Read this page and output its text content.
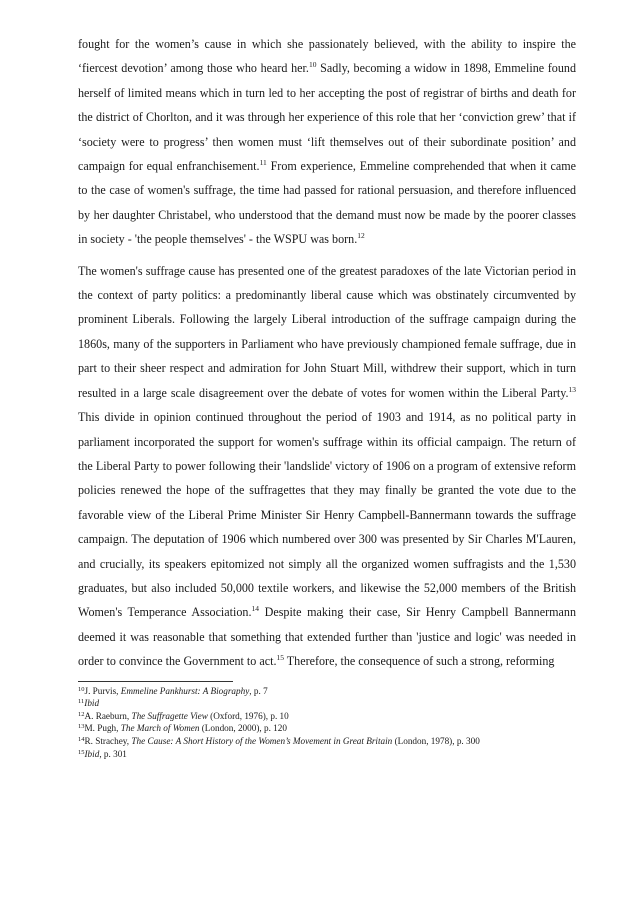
fought for the women’s cause in which she passionately believed, with the ability to inspire the ‘fiercest devotion’ among those who heard her.$^{10}$ Sadly, becoming a widow in 1898, Emmeline found herself of limited means which in turn led to her accepting the post of registrar of births and death for the district of Chorlton, and it was through her experience of this role that her ‘conviction grew’ that if ‘society were to progress’ then women must ‘lift themselves out of their subordinate position’ and campaign for equal enfranchisement.$^{11}$ From experience, Emmeline comprehended that when it came to the case of women's suffrage, the time had passed for rational persuasion, and therefore influenced by her daughter Christabel, who understood that the demand must now be made by the poorer classes in society - 'the people themselves' - the WSPU was born.$^{12}$
The women's suffrage cause has presented one of the greatest paradoxes of the late Victorian period in the context of party politics: a predominantly liberal cause which was obstinately circumvented by prominent Liberals. Following the largely Liberal introduction of the suffrage campaign during the 1860s, many of the supporters in Parliament who have previously championed female suffrage, due in part to their sheer respect and admiration for John Stuart Mill, withdrew their support, which in turn resulted in a large scale disagreement over the debate of votes for women within the Liberal Party.$^{13}$ This divide in opinion continued throughout the period of 1903 and 1914, as no political party in parliament incorporated the support for women's suffrage within its official campaign. The return of the Liberal Party to power following their 'landslide' victory of 1906 on a program of extensive reform policies renewed the hope of the suffragettes that they may finally be granted the vote due to the favorable view of the Liberal Prime Minister Sir Henry Campbell-Bannermann towards the suffrage campaign. The deputation of 1906 which numbered over 300 was presented by Sir Charles M'Lauren, and crucially, its speakers epitomized not simply all the organized women suffragists and the 1,530 graduates, but also included 50,000 textile workers, and likewise the 52,000 members of the British Women's Temperance Association.$^{14}$ Despite making their case, Sir Henry Campbell Bannermann deemed it was reasonable that something that extended further than 'justice and logic' was needed in order to convince the Government to act.$^{15}$ Therefore, the consequence of such a strong, reforming

$^{10}$J. Purvis, Emmeline Pankhurst: A Biography, p. 7

$^{11}$Ibid

$^{12}$A. Raeburn, The Suffragette View (Oxford, 1976), p. 10

$^{13}$M. Pugh, The March of Women (London, 2000), p. 120

$^{14}$R. Strachey, The Cause: A Short History of the Women’s Movement in Great Britain (London, 1978), p. 300

$^{15}$Ibid, p. 301
